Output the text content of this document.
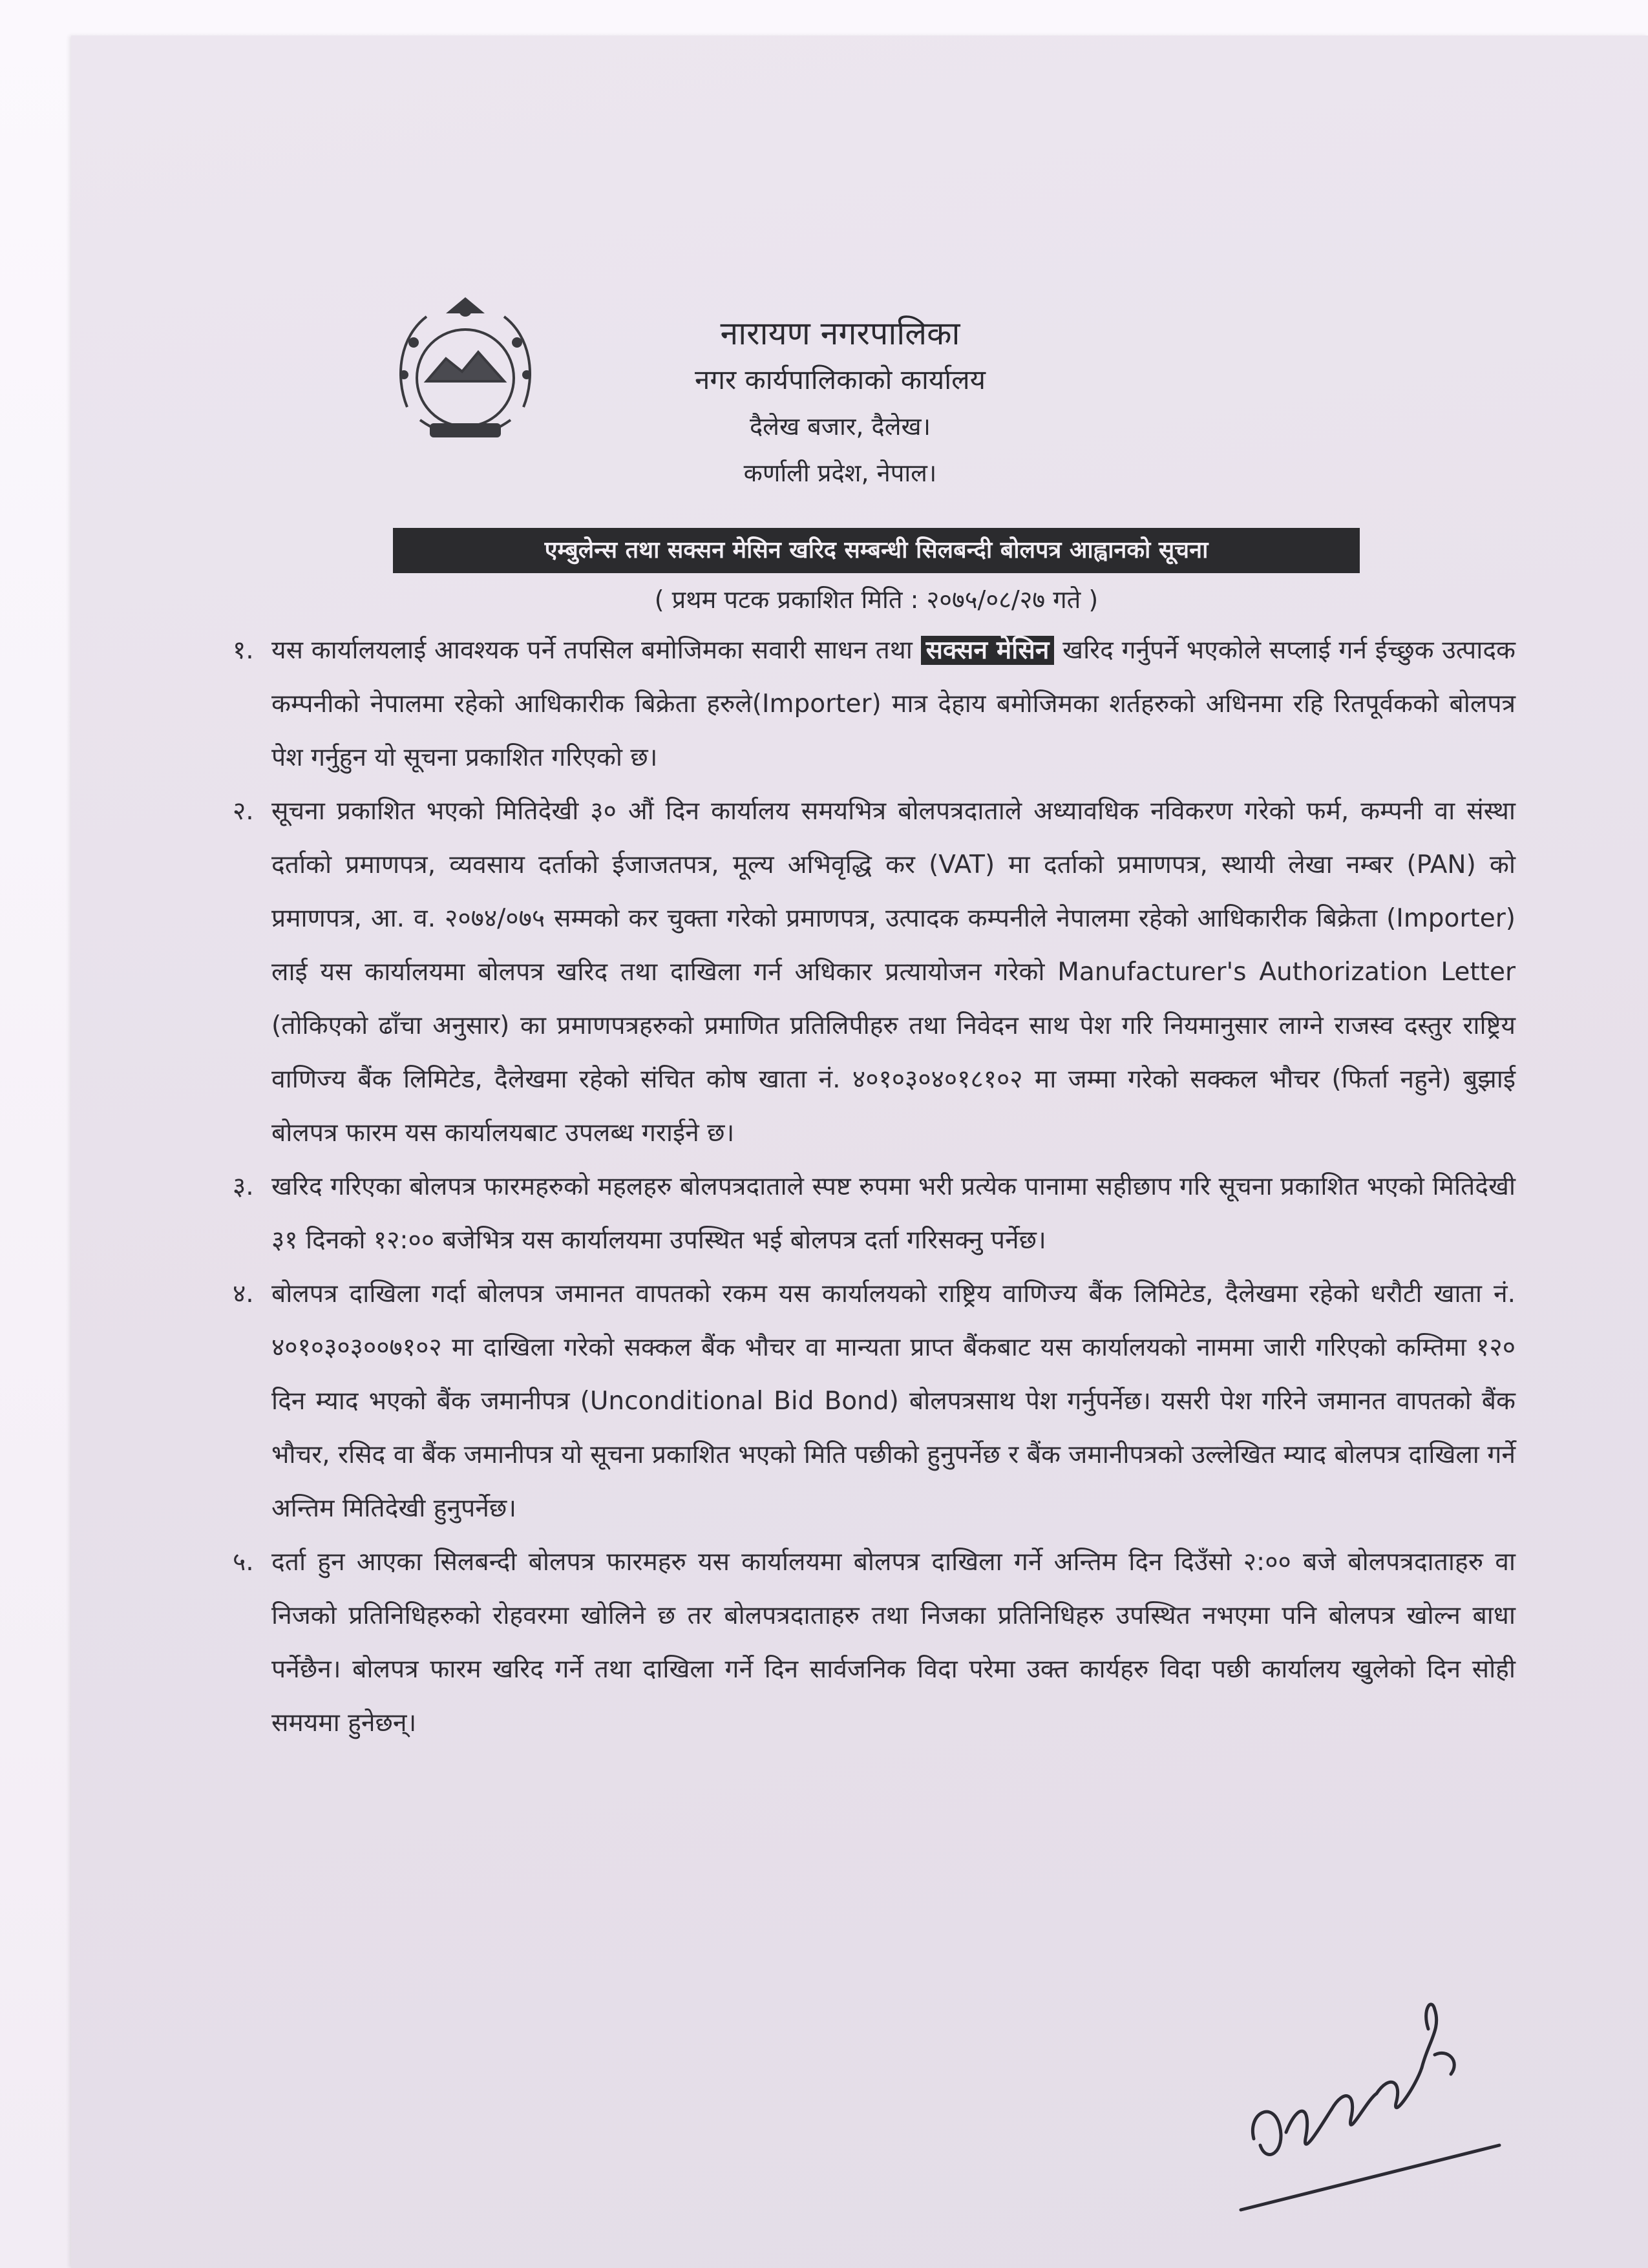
नारायण नगरपालिका
नगर कार्यपालिकाको कार्यालय
दैलेख बजार, दैलेख।
कर्णाली प्रदेश, नेपाल।
एम्बुलेन्स तथा सक्सन मेसिन खरिद सम्बन्धी सिलबन्दी बोलपत्र आह्वानको सूचना
( प्रथम पटक प्रकाशित मिति : २०७५/०८/२७ गते )
१. यस कार्यालयलाई आवश्यक पर्ने तपसिल बमोजिमका सवारी साधन तथा सक्सन मेसिन खरिद गर्नुपर्ने भएकोले सप्लाई गर्न ईच्छुक उत्पादक कम्पनीको नेपालमा रहेको आधिकारीक बिक्रेता हरुले(Importer) मात्र देहाय बमोजिमका शर्तहरुको अधिनमा रहि रितपूर्वकको बोलपत्र पेश गर्नुहुन यो सूचना प्रकाशित गरिएको छ।
२. सूचना प्रकाशित भएको मितिदेखी ३० औं दिन कार्यालय समयभित्र बोलपत्रदाताले अध्यावधिक नविकरण गरेको फर्म, कम्पनी वा संस्था दर्ताको प्रमाणपत्र, व्यवसाय दर्ताको ईजाजतपत्र, मूल्य अभिवृद्धि कर (VAT) मा दर्ताको प्रमाणपत्र, स्थायी लेखा नम्बर (PAN) को प्रमाणपत्र, आ. व. २०७४/०७५ सम्मको कर चुक्ता गरेको प्रमाणपत्र, उत्पादक कम्पनीले नेपालमा रहेको आधिकारीक बिक्रेता (Importer) लाई यस कार्यालयमा बोलपत्र खरिद तथा दाखिला गर्न अधिकार प्रत्यायोजन गरेको Manufacturer's Authorization Letter (तोकिएको ढाँचा अनुसार) का प्रमाणपत्रहरुको प्रमाणित प्रतिलिपीहरु तथा निवेदन साथ पेश गरि नियमानुसार लाग्ने राजस्व दस्तुर राष्ट्रिय वाणिज्य बैंक लिमिटेड, दैलेखमा रहेको संचित कोष खाता नं. ४०१०३०४०१८१०२ मा जम्मा गरेको सक्कल भौचर (फिर्ता नहुने) बुझाई बोलपत्र फारम यस कार्यालयबाट उपलब्ध गराईने छ।
३. खरिद गरिएका बोलपत्र फारमहरुको महलहरु बोलपत्रदाताले स्पष्ट रुपमा भरी प्रत्येक पानामा सहीछाप गरि सूचना प्रकाशित भएको मितिदेखी ३१ दिनको १२:०० बजेभित्र यस कार्यालयमा उपस्थित भई बोलपत्र दर्ता गरिसक्नु पर्नेछ।
४. बोलपत्र दाखिला गर्दा बोलपत्र जमानत वापतको रकम यस कार्यालयको राष्ट्रिय वाणिज्य बैंक लिमिटेड, दैलेखमा रहेको धरौटी खाता नं. ४०१०३०३००७१०२ मा दाखिला गरेको सक्कल बैंक भौचर वा मान्यता प्राप्त बैंकबाट यस कार्यालयको नाममा जारी गरिएको कम्तिमा १२० दिन म्याद भएको बैंक जमानीपत्र (Unconditional Bid Bond) बोलपत्रसाथ पेश गर्नुपर्नेछ। यसरी पेश गरिने जमानत वापतको बैंक भौचर, रसिद वा बैंक जमानीपत्र यो सूचना प्रकाशित भएको मिति पछीको हुनुपर्नेछ र बैंक जमानीपत्रको उल्लेखित म्याद बोलपत्र दाखिला गर्ने अन्तिम मितिदेखी हुनुपर्नेछ।
५. दर्ता हुन आएका सिलबन्दी बोलपत्र फारमहरु यस कार्यालयमा बोलपत्र दाखिला गर्ने अन्तिम दिन दिउँसो २:०० बजे बोलपत्रदाताहरु वा निजको प्रतिनिधिहरुको रोहवरमा खोलिने छ तर बोलपत्रदाताहरु तथा निजका प्रतिनिधिहरु उपस्थित नभएमा पनि बोलपत्र खोल्न बाधा पर्नेछैन। बोलपत्र फारम खरिद गर्ने तथा दाखिला गर्ने दिन सार्वजनिक विदा परेमा उक्त कार्यहरु विदा पछी कार्यालय खुलेको दिन सोही समयमा हुनेछन्।
